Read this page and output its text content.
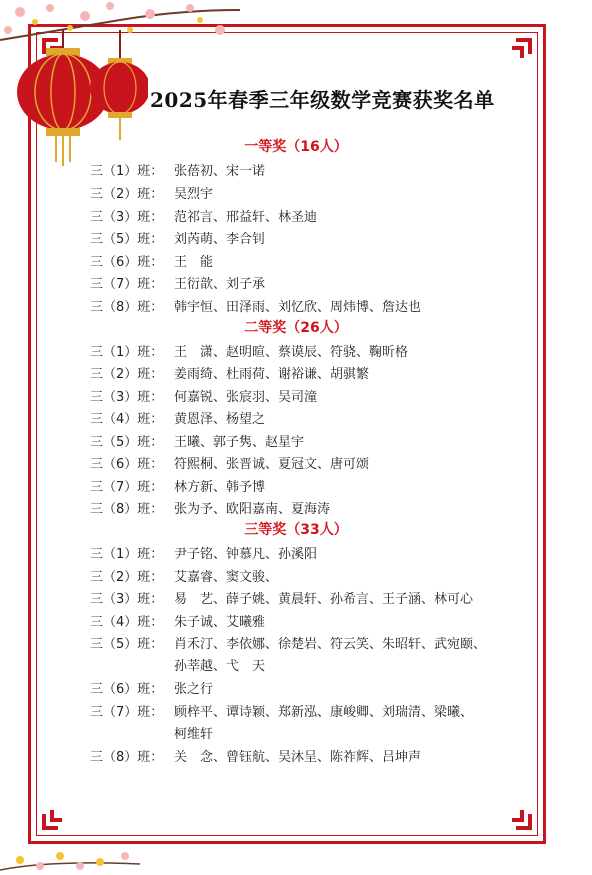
2025年春季三年级数学竞赛获奖名单
一等奖（16人）
三（1）班： 张蓓初、宋一诺
三（2）班： 吴烈宇
三（3）班： 范祁言、邢益轩、林圣迪
三（5）班： 刘芮萌、李合钊
三（6）班： 王　能
三（7）班： 王衍歆、刘子承
三（8）班： 韩宇恒、田泽雨、刘忆欣、周炜博、詹达也
二等奖（26人）
三（1）班： 王　潇、赵明暄、蔡谟辰、符骁、鞠昕格
三（2）班： 姜雨绮、杜雨荷、谢裕谦、胡骐繁
三（3）班： 何嘉锐、张宸羽、吴司潼
三（4）班： 黄恩泽、杨望之
三（5）班： 王曦、郭子隽、赵星宇
三（6）班： 符熙桐、张晋诚、夏冠文、唐可颂
三（7）班： 林方新、韩予博
三（8）班： 张为予、欧阳嘉南、夏海涛
三等奖（33人）
三（1）班： 尹子铭、钟慕凡、孙溪阳
三（2）班： 艾嘉睿、窦文骏、
三（3）班： 易　艺、薛子姚、黄晨轩、孙希言、王子涵、林可心
三（4）班： 朱子诚、艾曦雅
三（5）班： 肖禾汀、李依娜、徐楚岩、符云笑、朱昭轩、武宛颐、
孙莘越、弋　天
三（6）班： 张之行
三（7）班： 顾梓平、谭诗颖、郑新泓、康峻卿、刘瑞清、梁曦、
柯维轩
三（8）班： 关　念、曾钰航、吴沐呈、陈祚辉、吕坤声
